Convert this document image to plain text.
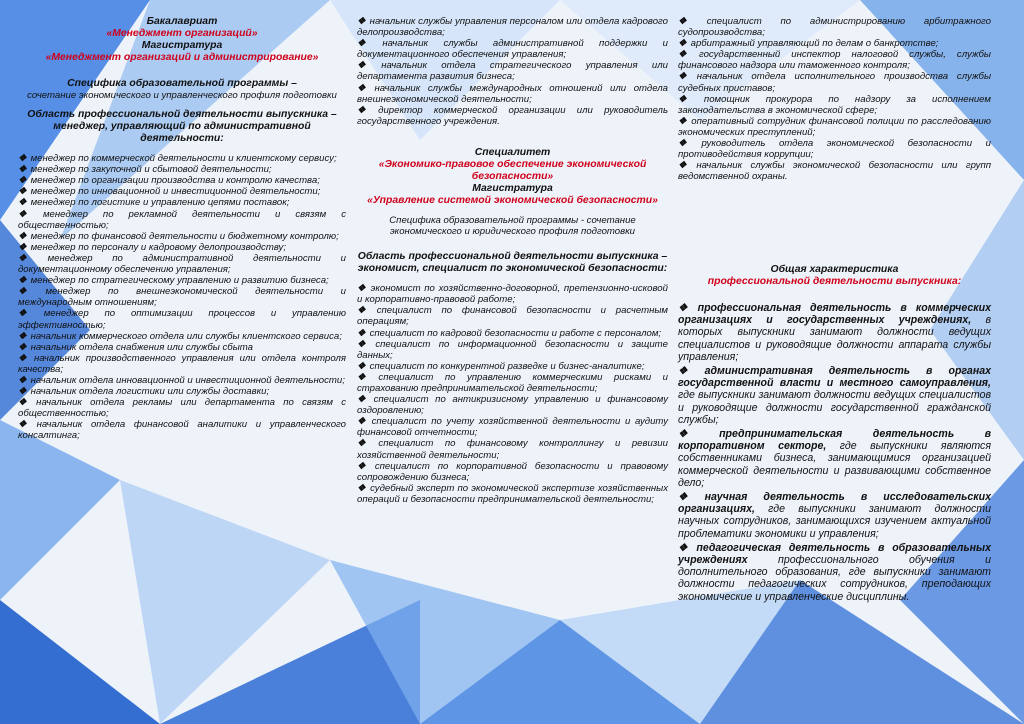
Бакалавриат
«Менеджмент организаций»
Магистратура
«Менеджмент организаций и администрирование»
Специфика образовательной программы –
сочетание экономического и управленческого профиля подготовки
Область профессиональной деятельности выпускника – менеджер, управляющий по административной деятельности:
❖ менеджер по коммерческой деятельности и клиентскому сервису;
❖ менеджер по закупочной и сбытовой деятельности;
❖ менеджер по организации производства и контролю качества;
❖ менеджер по инновационной и инвестиционной деятельности;
❖ менеджер по логистике и управлению цепями поставок;
❖ менеджер по рекламной деятельности и связям с общественностью;
❖ менеджер по финансовой деятельности и бюджетному контролю;
❖ менеджер по персоналу и кадровому делопроизводству;
❖ менеджер по административной деятельности и документационному обеспечению управления;
❖ менеджер по стратегическому управлению и развитию бизнеса;
❖ менеджер по внешнеэкономической деятельности и международным отношениям;
❖ менеджер по оптимизации процессов и управлению эффективностью;
❖ начальник коммерческого отдела или службы клиентского сервиса;
❖ начальник отдела снабжения или службы сбыта
❖ начальник производственного управления или отдела контроля качества;
❖ начальник отдела инновационной и инвестиционной деятельности;
❖ начальник отдела логистики или службы доставки;
❖ начальник отдела рекламы или департамента по связям с общественностью;
❖ начальник отдела финансовой аналитики и управленческого консалтинга;
❖ начальник службы управления персоналом или отдела кадрового делопроизводства;
❖ начальник службы административной поддержки и документационного обеспечения управления;
❖ начальник отдела стратегического управления или департамента развития бизнеса;
❖ начальник службы международных отношений или отдела внешнеэкономической деятельности;
❖ директор коммерческой организации или руководитель государственного учреждения.
Специалитет
«Экономико-правовое обеспечение экономической безопасности»
Магистратура
«Управление системой экономической безопасности»
Специфика образовательной программы - сочетание экономического и юридического профиля подготовки
Область профессиональной деятельности выпускника – экономист, специалист по экономической безопасности:
❖ экономист по хозяйственно-договорной, претензионно-исковой и корпоративно-правовой работе;
❖ специалист по финансовой безопасности и расчетным операциям;
❖ специалист по кадровой безопасности и работе с персоналом;
❖ специалист по информационной безопасности и защите данных;
❖ специалист по конкурентной разведке и бизнес-аналитике;
❖ специалист по управлению коммерческими рисками и страхованию предпринимательской деятельности;
❖ специалист по антикризисному управлению и финансовому оздоровлению;
❖ специалист по учету хозяйственной деятельности и аудиту финансовой отчетности;
❖ специалист по финансовому контроллингу и ревизии хозяйственной деятельности;
❖ специалист по корпоративной безопасности и правовому сопровождению бизнеса;
❖ судебный эксперт по экономической экспертизе хозяйственных операций и безопасности предпринимательской деятельности;
❖ специалист по администрированию арбитражного судопроизводства;
❖ арбитражный управляющий по делам о банкротстве;
❖ государственный инспектор налоговой службы, службы финансового надзора или таможенного контроля;
❖ начальник отдела исполнительного производства службы судебных приставов;
❖ помощник прокурора по надзору за исполнением законодательства в экономической сфере;
❖ оперативный сотрудник финансовой полиции по расследованию экономических преступлений;
❖ руководитель отдела экономической безопасности и противодействия коррупции;
❖ начальник службы экономической безопасности или групп ведомственной охраны.
Общая характеристика
профессиональной деятельности выпускника:
❖ профессиональная деятельность в коммерческих организациях и государственных учреждениях, в которых выпускники занимают должности ведущих специалистов и руководящие должности аппарата службы управления;
❖ административная деятельность в органах государственной власти и местного самоуправления, где выпускники занимают должности ведущих специалистов и руководящие должности государственной гражданской службы;
❖ предпринимательская деятельность в корпоративном секторе, где выпускники являются собственниками бизнеса, занимающимися организацией коммерческой деятельности и развивающими собственное дело;
❖ научная деятельность в исследовательских организациях, где выпускники занимают должности научных сотрудников, занимающихся изучением актуальной проблематики экономики и управления;
❖ педагогическая деятельность в образовательных учреждениях	профессионального обучения и дополнительного образования, где выпускники занимают должности педагогических сотрудников, преподающих экономические и управленческие дисциплины.
